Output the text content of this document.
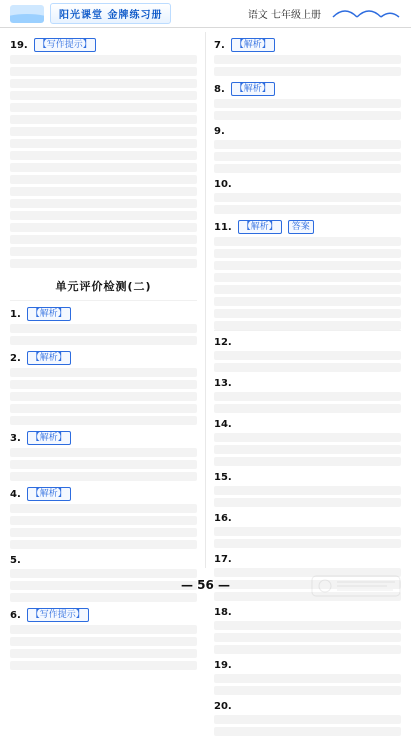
阳光课堂 金牌练习册	语文 七年级上册
19.	【写作提示】
单元评价检测(二)
1.	【解析】
2.	【解析】
3.	【解析】
4.	【解析】
5.
6.	【写作提示】
7.	【解析】
8.	【解析】
9.
10.
11.	【解析】	答案
12.
13.
14.
15.
16.
17.
18.
19.
20.
— 56 —
